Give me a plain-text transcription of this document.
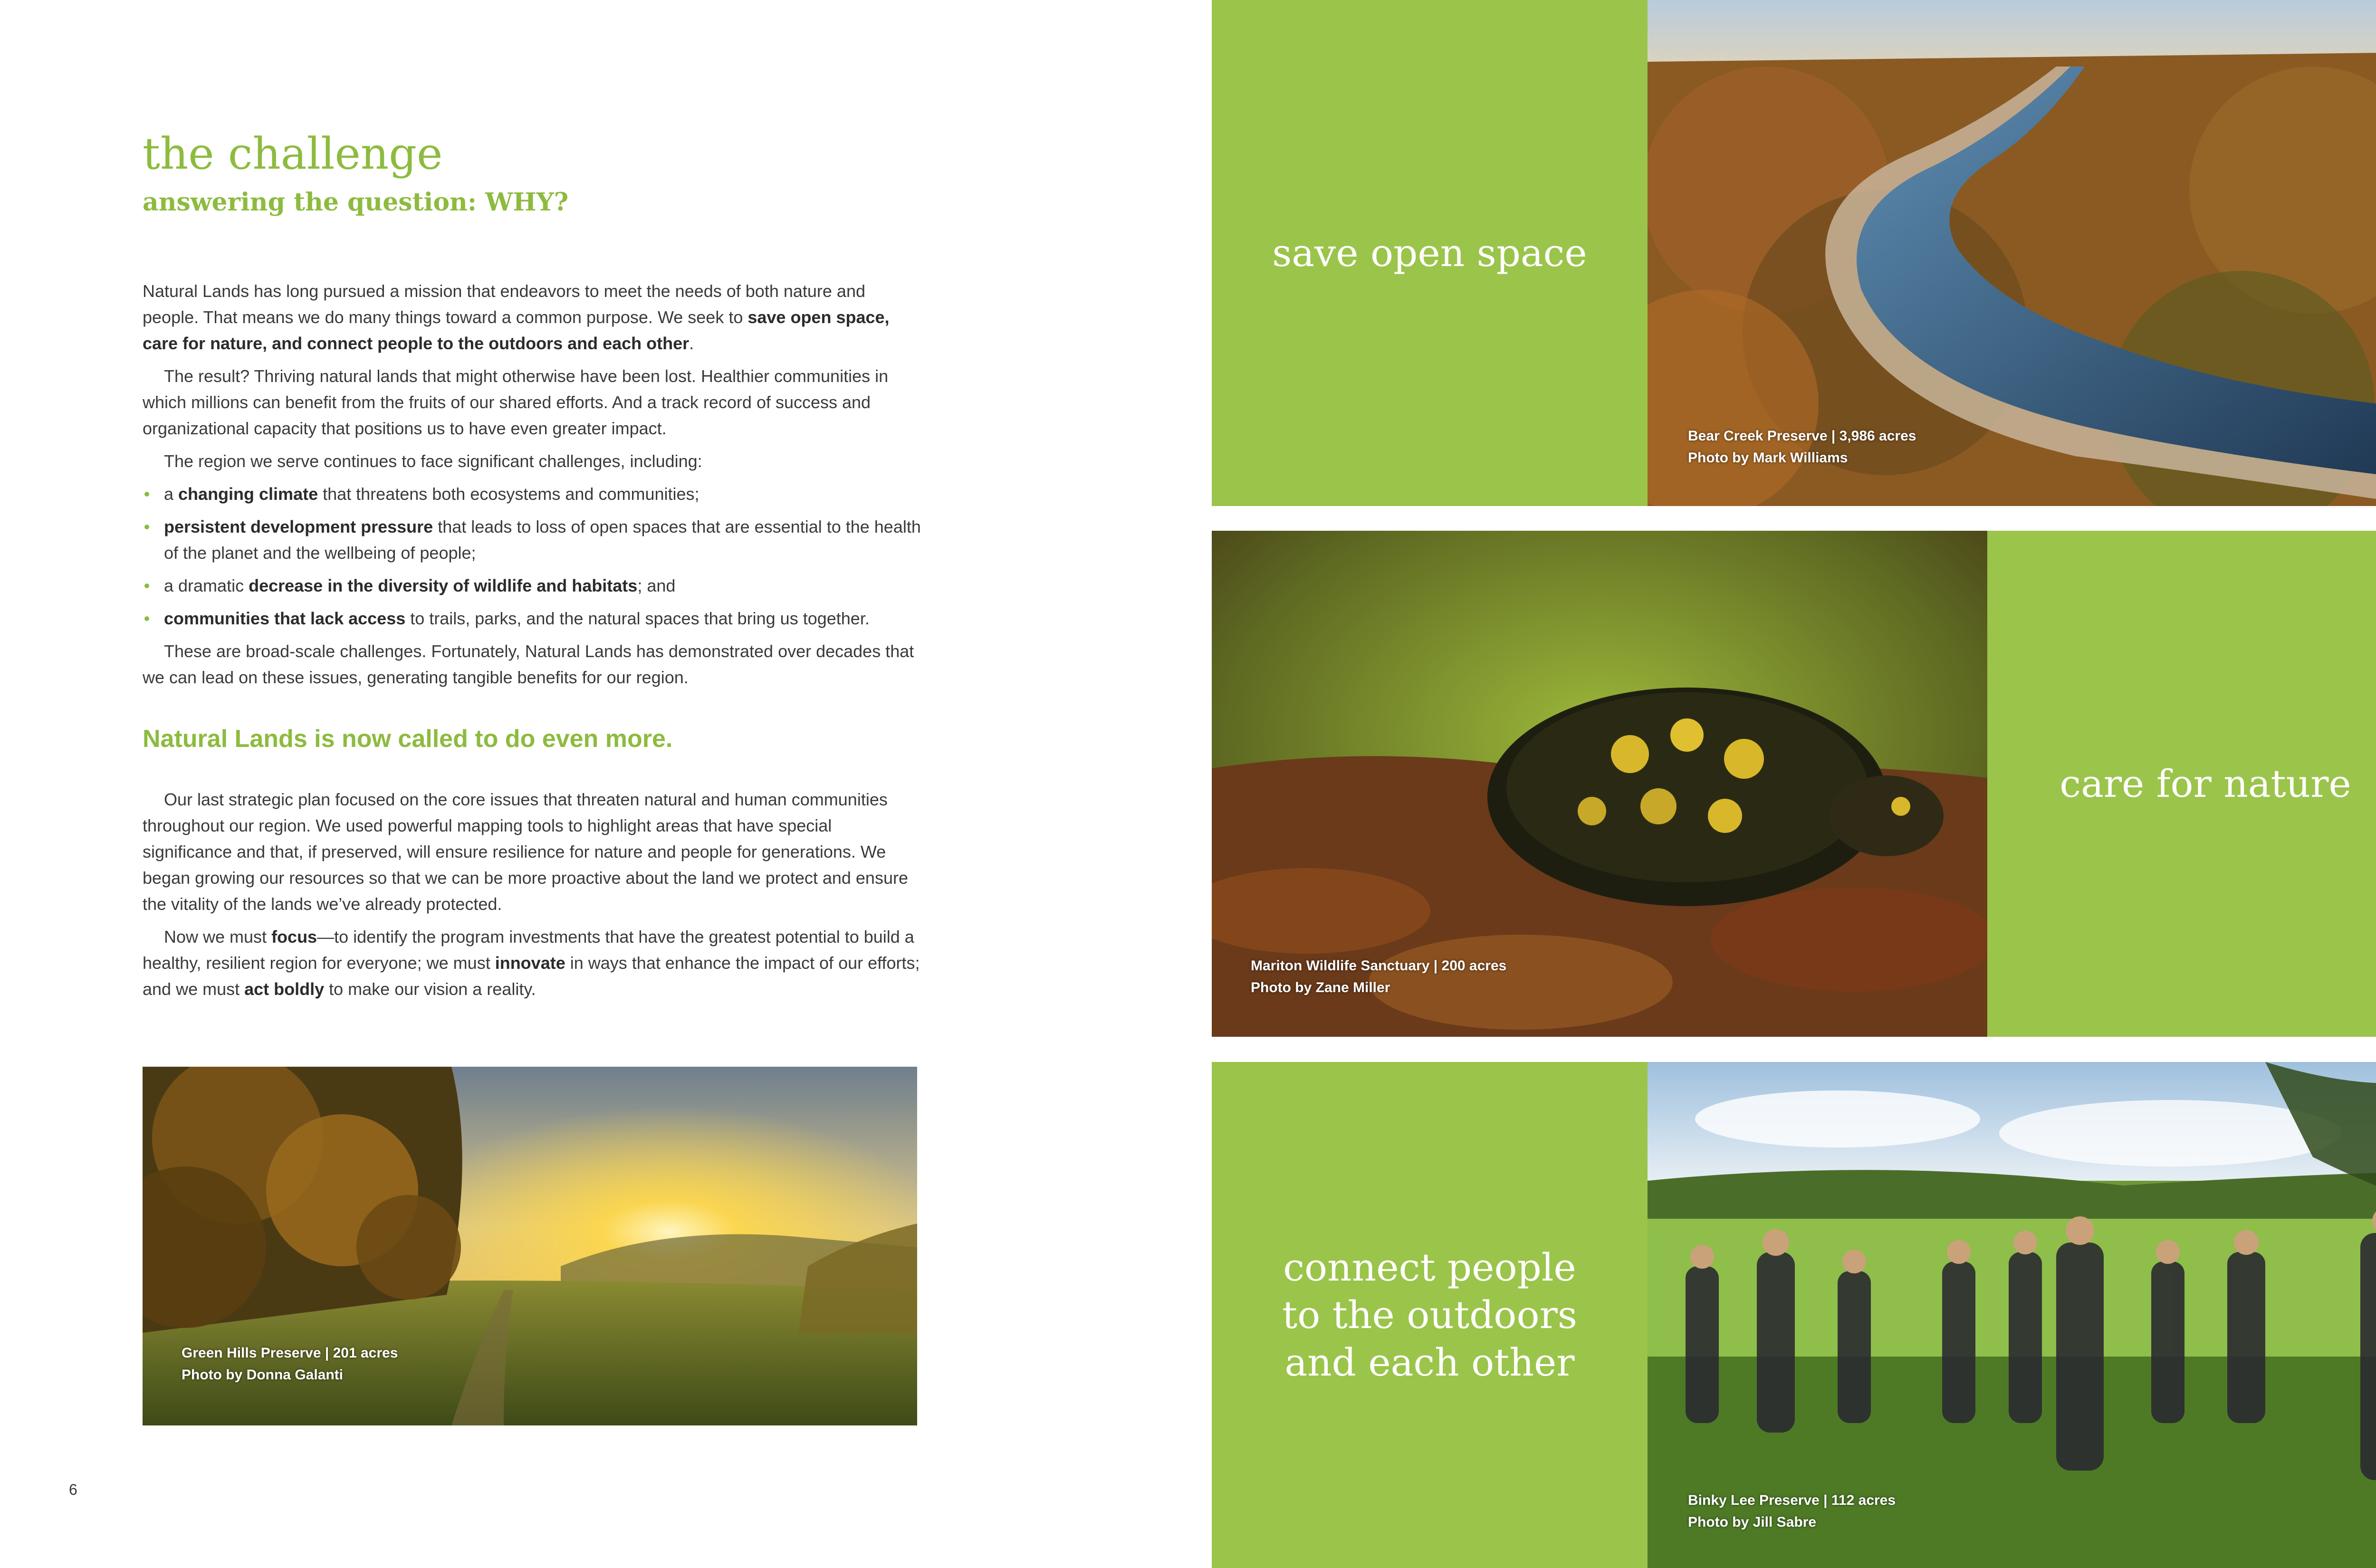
the challenge
answering the question: WHY?

Natural Lands has long pursued a mission that endeavors to meet the needs of both nature and people. That means we do many things toward a common purpose. We seek to save open space, care for nature, and connect people to the outdoors and each other.

The result? Thriving natural lands that might otherwise have been lost. Healthier communities in which millions can benefit from the fruits of our shared efforts. And a track record of success and organizational capacity that positions us to have even greater impact.

The region we serve continues to face significant challenges, including:

a changing climate that threatens both ecosystems and communities;
persistent development pressure that leads to loss of open spaces that are essential to the health of the planet and the wellbeing of people;
a dramatic decrease in the diversity of wildlife and habitats; and
communities that lack access to trails, parks, and the natural spaces that bring us together.

These are broad-scale challenges. Fortunately, Natural Lands has demonstrated over decades that we can lead on these issues, generating tangible benefits for our region.

Natural Lands is now called to do even more.

Our last strategic plan focused on the core issues that threaten natural and human communities throughout our region. We used powerful mapping tools to highlight areas that have special significance and that, if preserved, will ensure resilience for nature and people for generations. We began growing our resources so that we can be more proactive about the land we protect and ensure the vitality of the lands we’ve already protected.

Now we must focus—to identify the program investments that have the greatest potential to build a healthy, resilient region for everyone; we must innovate in ways that enhance the impact of our efforts; and we must act boldly to make our vision a reality.

Green Hills Preserve | 201 acres
Photo by Donna Galanti
6
save open space
Bear Creek Preserve | 3,986 acres
Photo by Mark Williams
Mariton Wildlife Sanctuary | 200 acres
Photo by Zane Miller
care for nature
connect people
to the outdoors
and each other
Binky Lee Preserve | 112 acres
Photo by Jill Sabre
